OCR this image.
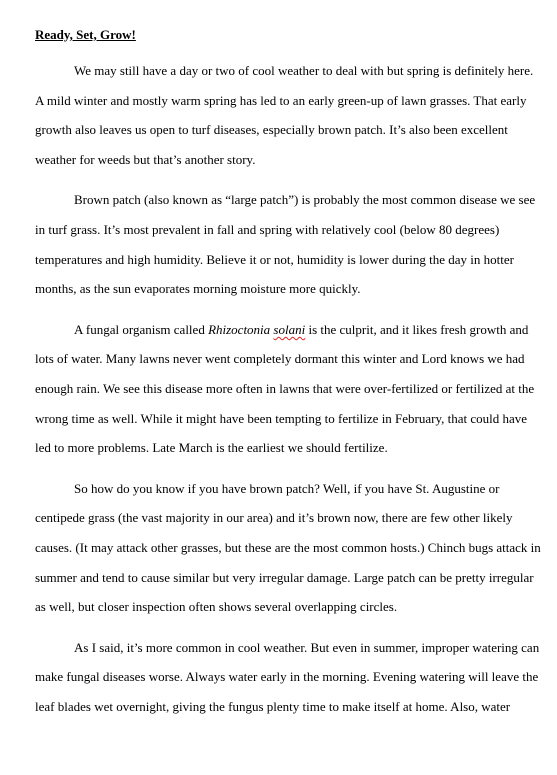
Ready, Set, Grow!

We may still have a day or two of cool weather to deal with but spring is definitely here.
A mild winter and mostly warm spring has led to an early green-up of lawn grasses. That early
growth also leaves us open to turf diseases, especially brown patch. It’s also been excellent
weather for weeds but that’s another story.

Brown patch (also known as “large patch”) is probably the most common disease we see
in turf grass. It’s most prevalent in fall and spring with relatively cool (below 80 degrees)
temperatures and high humidity. Believe it or not, humidity is lower during the day in hotter
months, as the sun evaporates morning moisture more quickly.

A fungal organism called Rhizoctonia solani is the culprit, and it likes fresh growth and
lots of water. Many lawns never went completely dormant this winter and Lord knows we had
enough rain. We see this disease more often in lawns that were over-fertilized or fertilized at the
wrong time as well. While it might have been tempting to fertilize in February, that could have
led to more problems. Late March is the earliest we should fertilize.

So how do you know if you have brown patch? Well, if you have St. Augustine or
centipede grass (the vast majority in our area) and it’s brown now, there are few other likely
causes. (It may attack other grasses, but these are the most common hosts.) Chinch bugs attack in
summer and tend to cause similar but very irregular damage. Large patch can be pretty irregular
as well, but closer inspection often shows several overlapping circles.

As I said, it’s more common in cool weather. But even in summer, improper watering can
make fungal diseases worse. Always water early in the morning. Evening watering will leave the
leaf blades wet overnight, giving the fungus plenty time to make itself at home. Also, water
